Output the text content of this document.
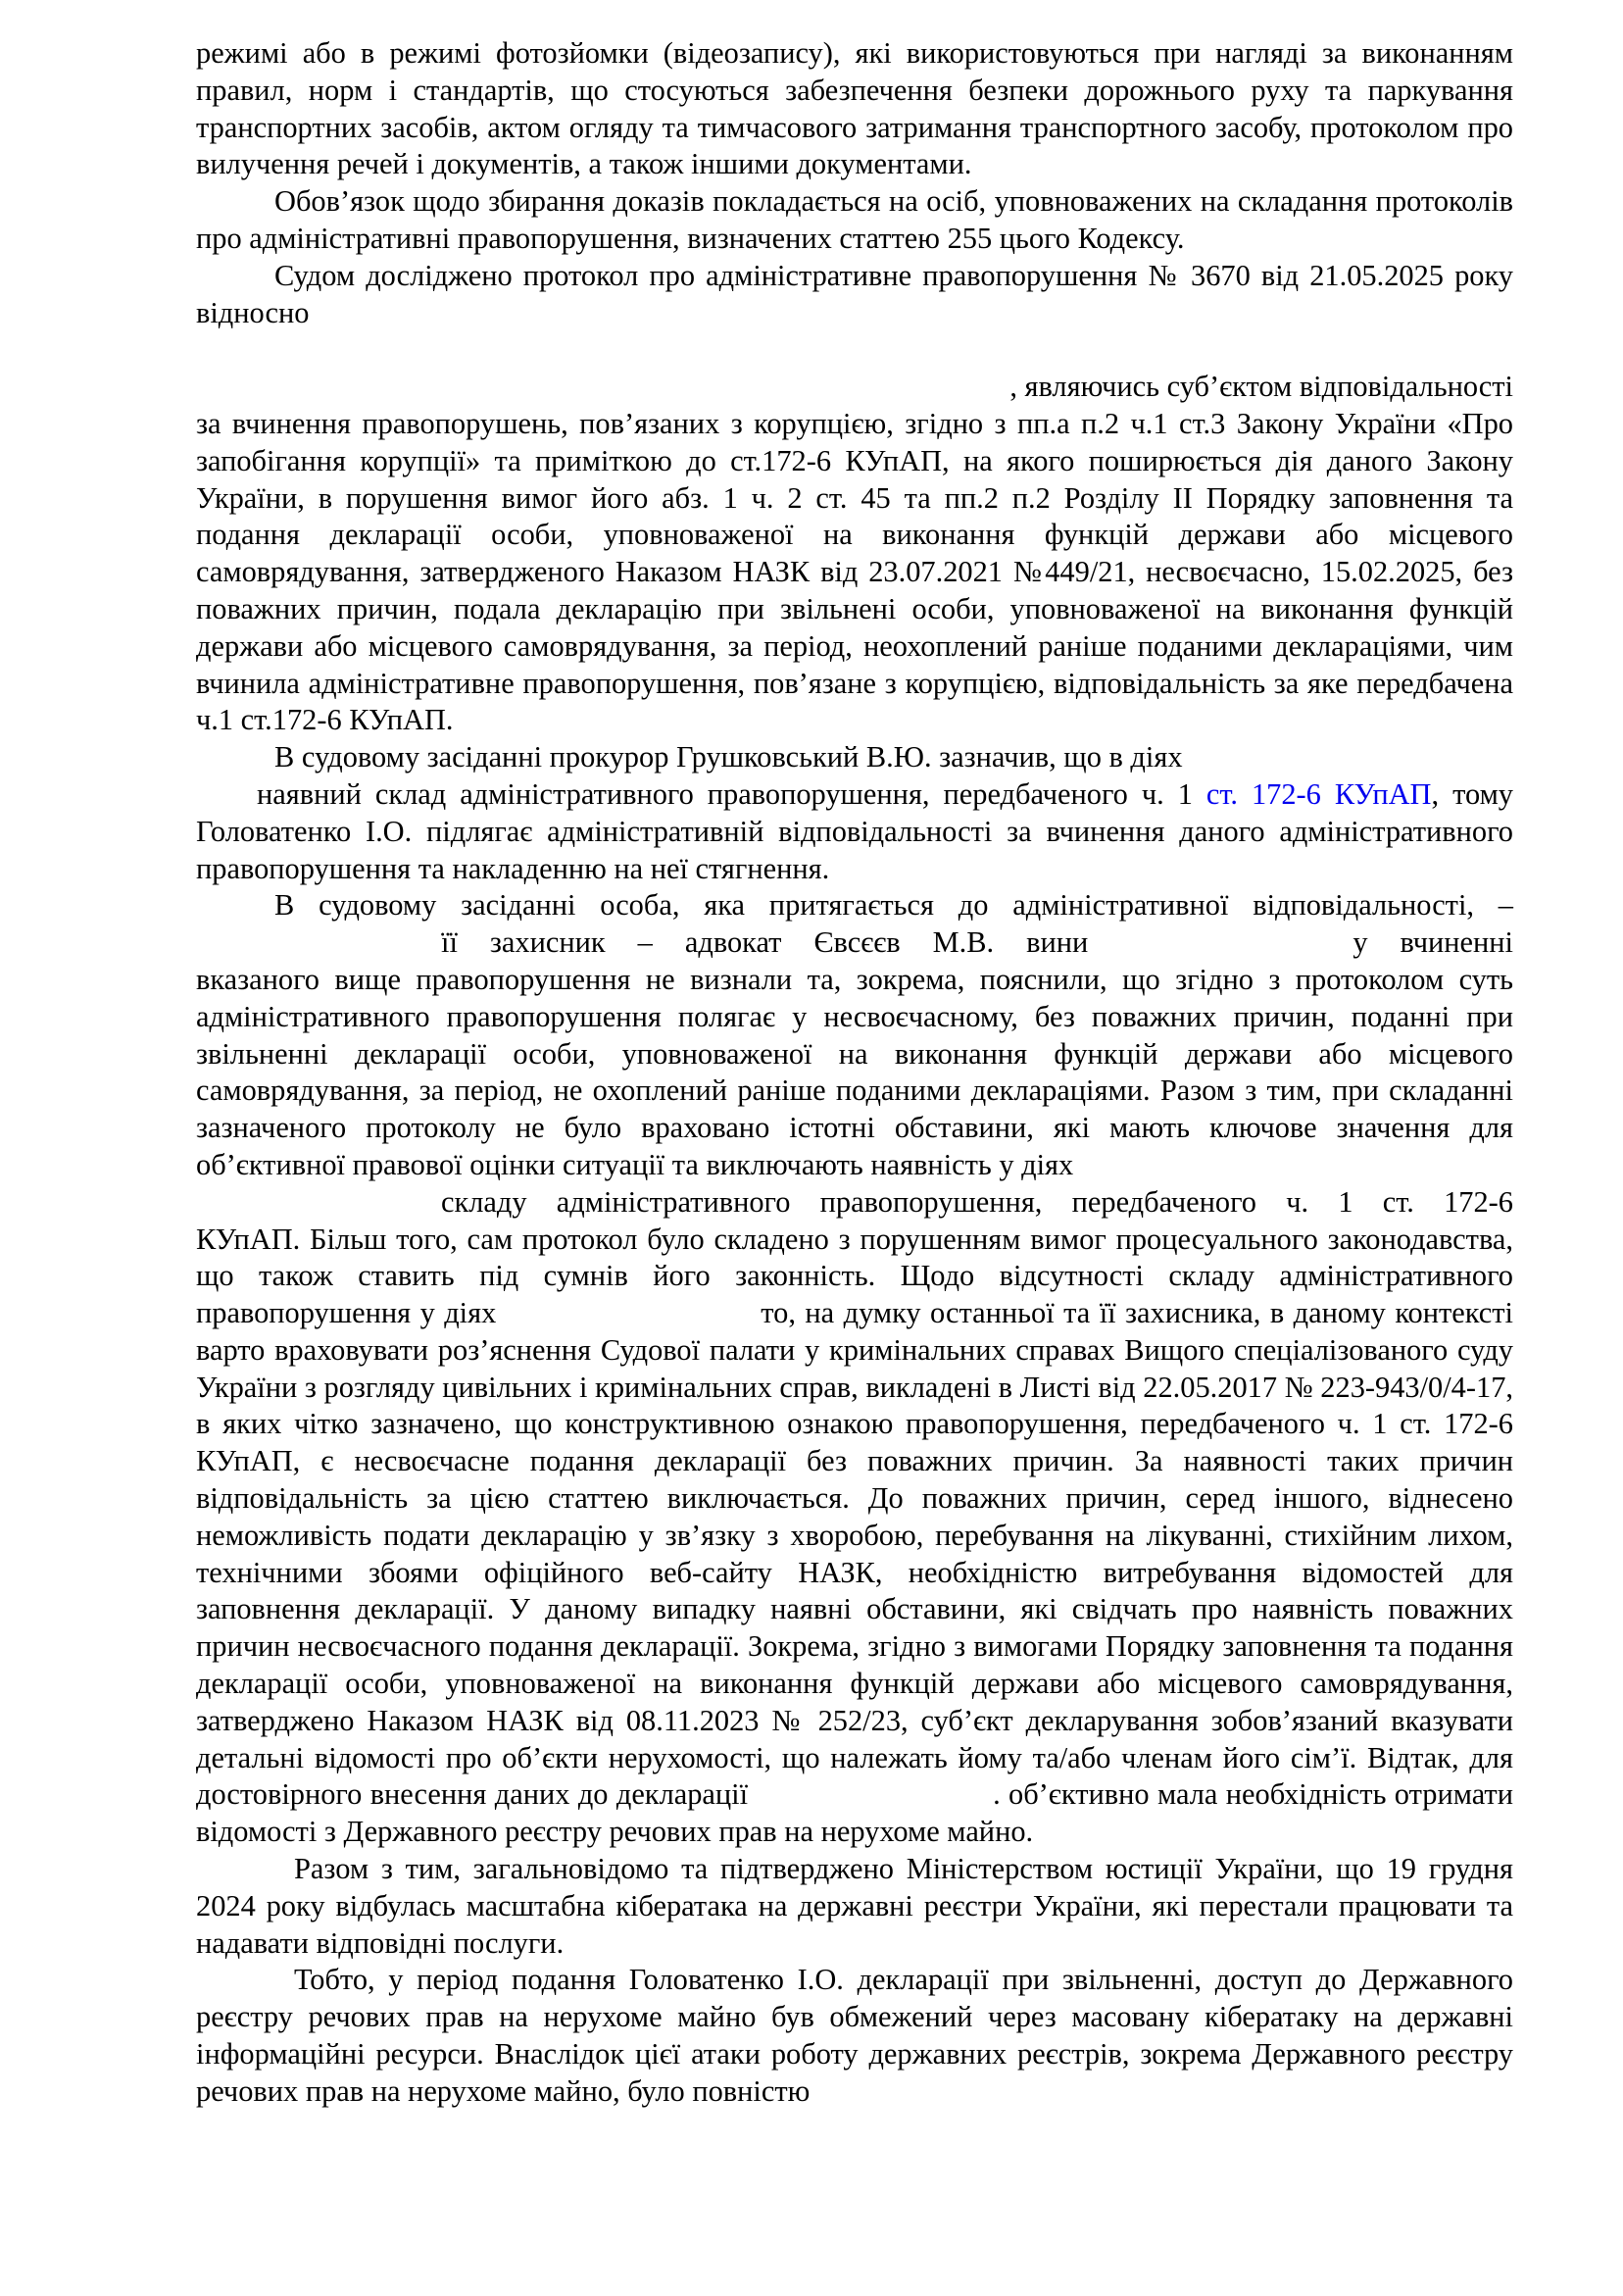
режимі або в режимі фотозйомки (відеозапису), які використовуються при нагляді за виконанням правил, норм і стандартів, що стосуються забезпечення безпеки дорожнього руху та паркування транспортних засобів, актом огляду та тимчасового затримання транспортного засобу, протоколом про вилучення речей і документів, а також іншими документами.

Обов’язок щодо збирання доказів покладається на осіб, уповноважених на складання протоколів про адміністративні правопорушення, визначених статтею 255 цього Кодексу.

Судом досліджено протокол про адміністративне правопорушення № 3670 від 21.05.2025 року відносно

, являючись суб’єктом відповідальності

за вчинення правопорушень, пов’язаних з корупцією, згідно з пп.а п.2 ч.1 ст.3 Закону України «Про запобігання корупції» та приміткою до ст.172-6 КУпАП, на якого поширюється дія даного Закону України, в порушення вимог його абз. 1 ч. 2 ст. 45 та пп.2 п.2 Розділу II Порядку заповнення та подання декларації особи, уповноваженої на виконання функцій держави або місцевого самоврядування, затвердженого Наказом НАЗК від 23.07.2021 №449/21, несвоєчасно, 15.02.2025, без поважних причин, подала декларацію при звільнені особи, уповноваженої на виконання функцій держави або місцевого самоврядування, за період, неохоплений раніше поданими деклараціями, чим вчинила адміністративне правопорушення, пов’язане з корупцією, відповідальність за яке передбачена ч.1 ст.172-6 КУпАП.

В судовому засіданні прокурор Грушковський В.Ю. зазначив, що в діях
наявний склад адміністративного правопорушення, передбаченого ч. 1 ст. 172-6 КУпАП, тому Головатенко І.О. підлягає адміністративній відповідальності за вчинення даного адміністративного правопорушення та накладенню на неї стягнення.

В судовому засіданні особа, яка притягається до адміністративної відповідальності, –

її захисник – адвокат Євсєєв М.В. вини	у вчиненні

вказаного вище правопорушення не визнали та, зокрема, пояснили, що згідно з протоколом суть адміністративного правопорушення полягає у несвоєчасному, без поважних причин, поданні при звільненні декларації особи, уповноваженої на виконання функцій держави або місцевого самоврядування, за період, не охоплений раніше поданими деклараціями. Разом з тим, при складанні зазначеного протоколу не було враховано істотні обставини, які мають ключове значення для об’єктивної правової оцінки ситуації та виключають наявність у діях

складу адміністративного правопорушення, передбаченого ч. 1 ст. 172-6

КУпАП. Більш того, сам протокол було складено з порушенням вимог процесуального законодавства, що також ставить під сумнів його законність. Щодо відсутності складу адміністративного правопорушення у діях	то, на думку останньої та її захисника, в даному контексті варто враховувати роз’яснення Судової палати у кримінальних справах Вищого спеціалізованого суду України з розгляду цивільних і кримінальних справ, викладені в Листі від 22.05.2017 № 223-943/0/4-17, в яких чітко зазначено, що конструктивною ознакою правопорушення, передбаченого ч. 1 ст. 172-6 КУпАП, є несвоєчасне подання декларації без поважних причин. За наявності таких причин відповідальність за цією статтею виключається. До поважних причин, серед іншого, віднесено неможливість подати декларацію у зв’язку з хворобою, перебування на лікуванні, стихійним лихом, технічними збоями офіційного веб-сайту НАЗК, необхідністю витребування відомостей для заповнення декларації. У даному випадку наявні обставини, які свідчать про наявність поважних причин несвоєчасного подання декларації. Зокрема, згідно з вимогами Порядку заповнення та подання декларації особи, уповноваженої на виконання функцій держави або місцевого самоврядування, затверджено Наказом НАЗК від 08.11.2023 № 252/23, суб’єкт декларування зобов’язаний вказувати детальні відомості про об’єкти нерухомості, що належать йому та/або членам його сім’ї. Відтак, для достовірного внесення даних до декларації	. об’єктивно мала необхідність отримати відомості з Державного реєстру речових прав на нерухоме майно.

Разом з тим, загальновідомо та підтверджено Міністерством юстиції України, що 19 грудня 2024 року відбулась масштабна кібератака на державні реєстри України, які перестали працювати та надавати відповідні послуги.

Тобто, у період подання Головатенко І.О. декларації при звільненні, доступ до Державного реєстру речових прав на нерухоме майно був обмежений через масовану кібератаку на державні інформаційні ресурси. Внаслідок цієї атаки роботу державних реєстрів, зокрема Державного реєстру речових прав на нерухоме майно, було повністю
